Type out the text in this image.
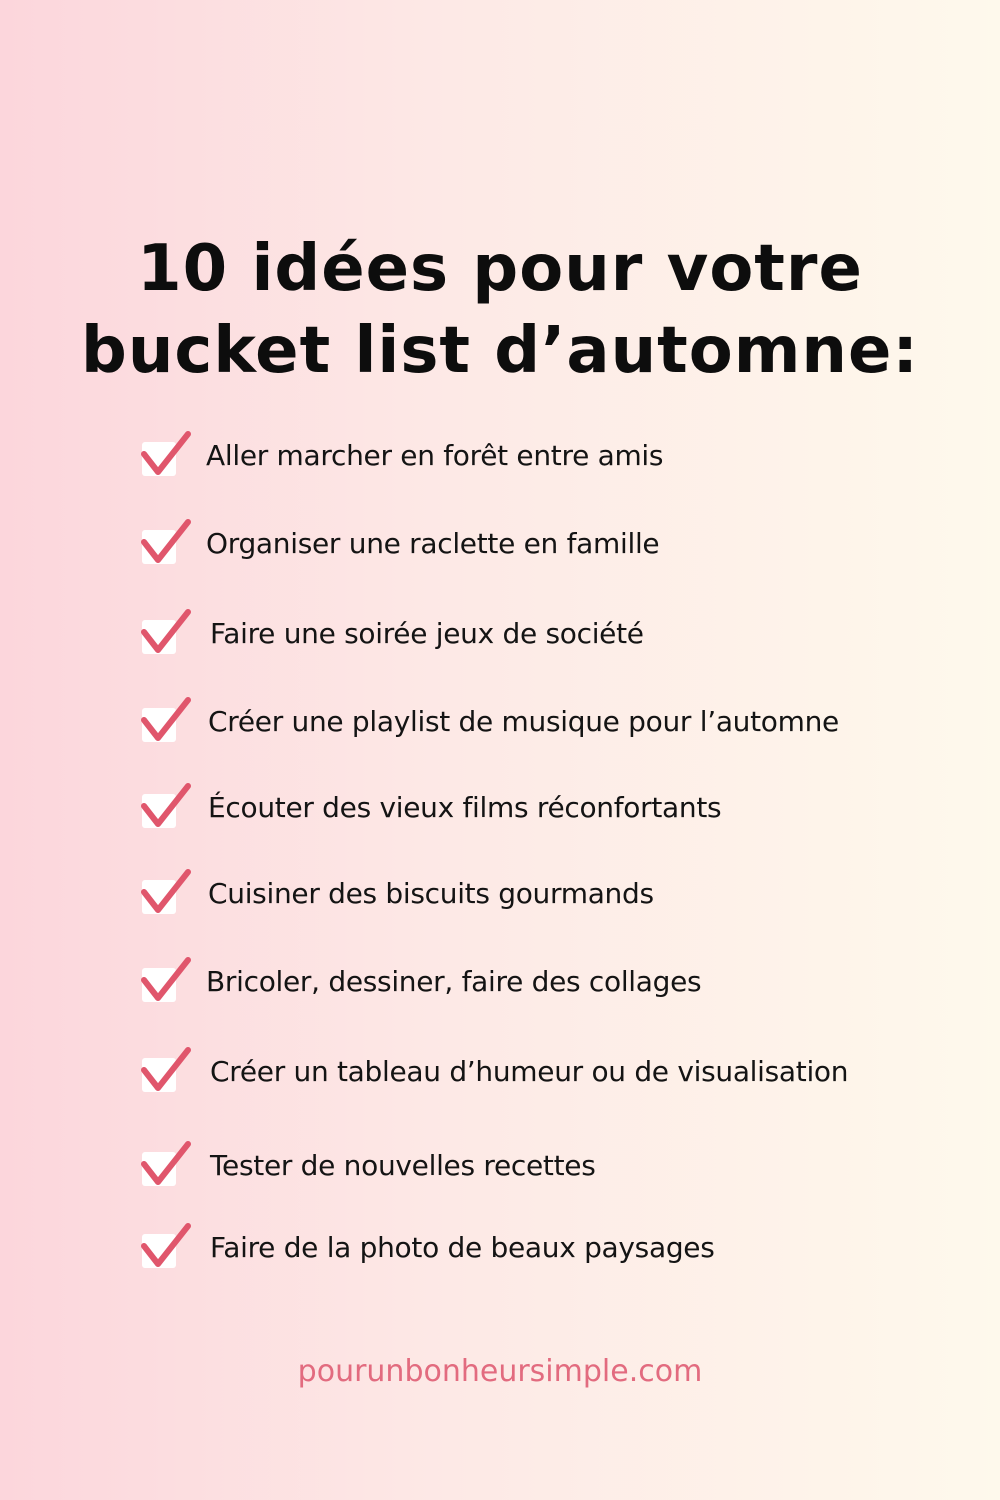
10 idées pour votre
bucket list d’automne:
Aller marcher en forêt entre amis
Organiser une raclette en famille
Faire une soirée jeux de société
Créer une playlist de musique pour l’automne
Écouter des vieux films réconfortants
Cuisiner des biscuits gourmands
Bricoler, dessiner, faire des collages
Créer un tableau d’humeur ou de visualisation
Tester de nouvelles recettes
Faire de la photo de beaux paysages
pourunbonheursimple.com
